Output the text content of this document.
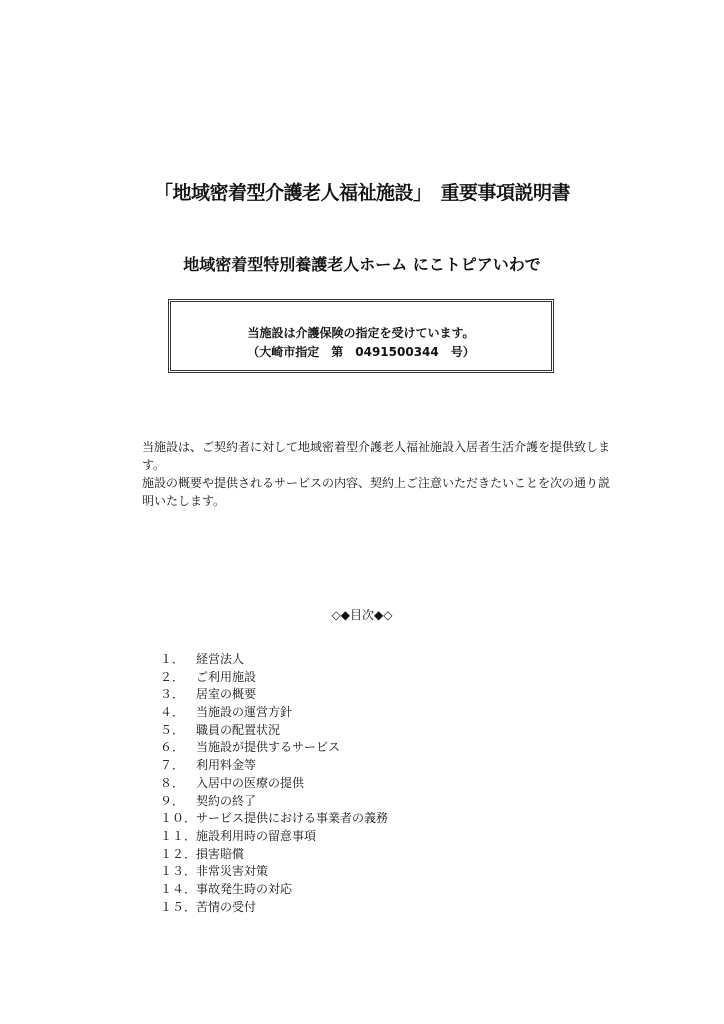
「地域密着型介護老人福祉施設」　重要事項説明書
地域密着型特別養護老人ホーム にこトピアいわで
当施設は介護保険の指定を受けています。
（大崎市指定　第　0491500344　号）

当施設は、ご契約者に対して地域密着型介護老人福祉施設入居者生活介護を提供致します。

施設の概要や提供されるサービスの内容、契約上ご注意いただきたいことを次の通り説明いたします。

◇◆目次◆◇
１． 経営法人
２． ご利用施設
３． 居室の概要
４． 当施設の運営方針
５． 職員の配置状況
６． 当施設が提供するサービス
７． 利用料金等
８． 入居中の医療の提供
９． 契約の終了
１０．サービス提供における事業者の義務
１１．施設利用時の留意事項
１２．損害賠償
１３．非常災害対策
１４．事故発生時の対応
１５．苦情の受付
